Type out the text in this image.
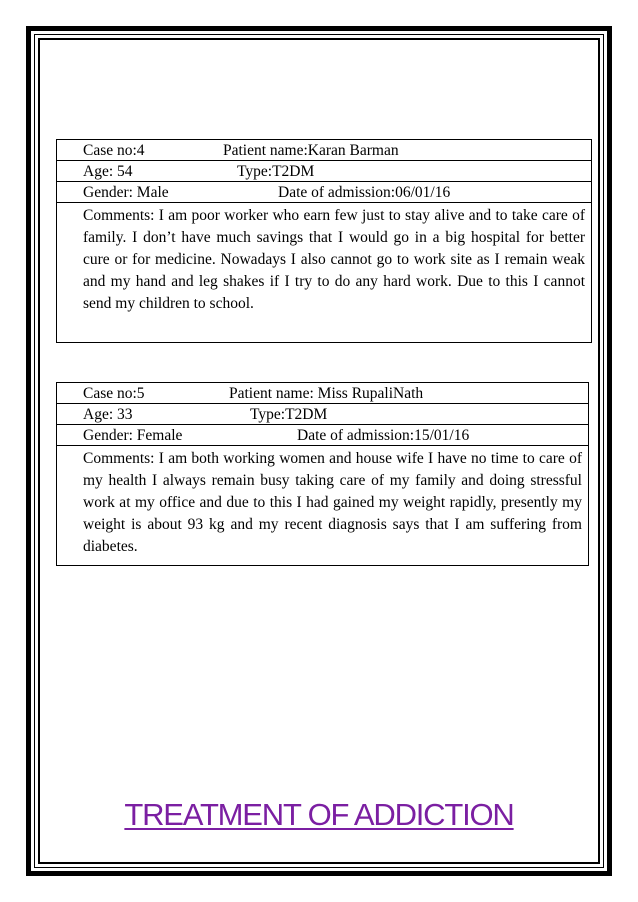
Case no:4	Patient name:Karan Barman
Age: 54	Type:T2DM
Gender: Male	Date of admission:06/01/16
Comments: I am poor worker who earn few just to stay alive and to take care of family. I don’t have much savings that I would go in a big hospital for better cure or for medicine. Nowadays I also cannot go to work site as I remain weak and my hand and leg shakes if I try to do any hard work. Due to this I cannot send my children to school.
Case no:5	Patient name: Miss RupaliNath
Age: 33	Type:T2DM
Gender: Female	Date of admission:15/01/16
Comments: I am both working women and house wife I have no time to care of my health I always remain busy taking care of my family and doing stressful work at my office and due to this I had gained my weight rapidly, presently my weight is about 93 kg and my recent diagnosis says that I am suffering from diabetes.
TREATMENT OF ADDICTION
